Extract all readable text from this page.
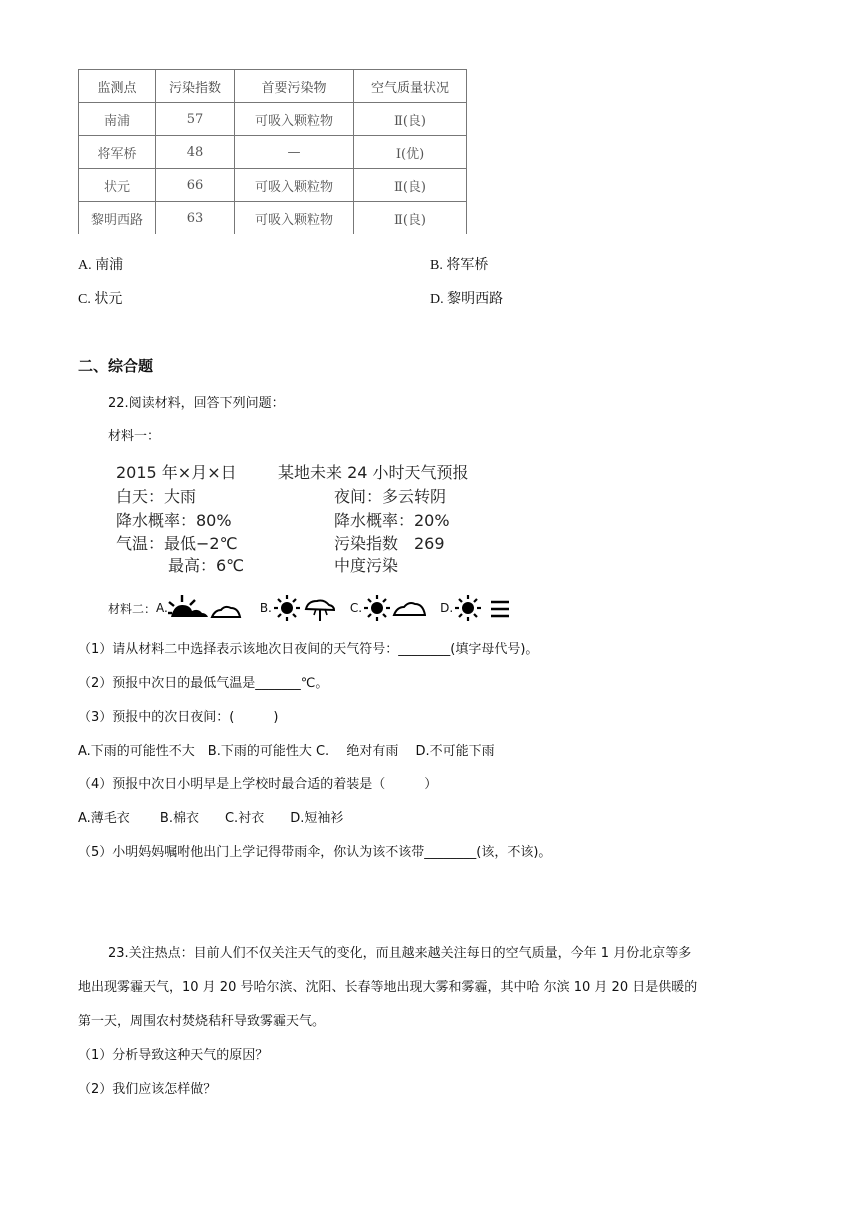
监测点	污染指数	首要污染物	空气质量状况
南浦	57	可吸入颗粒物	Ⅱ(良)
将军桥	48	—	Ⅰ(优)
状元	66	可吸入颗粒物	Ⅱ(良)
黎明西路	63	可吸入颗粒物	Ⅱ(良)
A. 南浦	B. 将军桥
C. 状元	D. 黎明西路
二、综合题
22.阅读材料，回答下列问题：
材料一：
2015 年×月×日	某地未来 24 小时天气预报
白天：大雨	夜间：多云转阴
降水概率：80%	降水概率：20%
气温：最低−2℃	污染指数　269
最高：6℃	中度污染
材料二： A.	B.	C.	D.
（1）请从材料二中选择表示该地次日夜间的天气符号：________(填字母代号)。
（2）预报中次日的最低气温是_______℃。
（3）预报中的次日夜间：(　　　)
A.下雨的可能性不大　B.下雨的可能性大 C.　 绝对有雨　 D.不可能下雨
（4）预报中次日小明早是上学校时最合适的着装是（　　　）
A.薄毛衣　　 B.棉衣　　C.衬衣　　D.短袖衫
（5）小明妈妈嘱咐他出门上学记得带雨伞，你认为该不该带________(该，不该)。
23.关注热点：目前人们不仅关注天气的变化，而且越来越关注每日的空气质量，今年 1 月份北京等多
地出现雾霾天气，10 月 20 号哈尔滨、沈阳、长春等地出现大雾和雾霾，其中哈 尔滨 10 月 20 日是供暖的
第一天，周围农村焚烧秸秆导致雾霾天气。
（1）分析导致这种天气的原因？
（2）我们应该怎样做？
